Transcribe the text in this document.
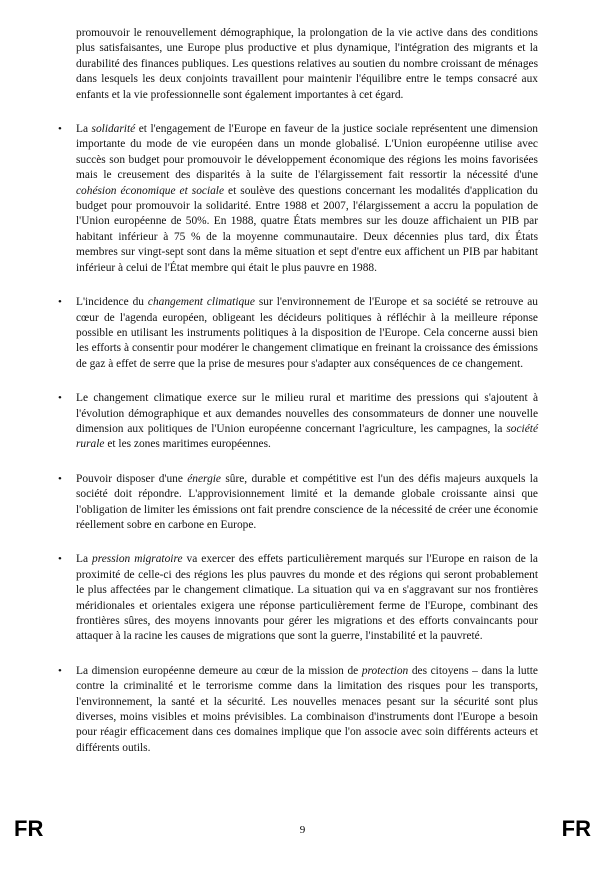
promouvoir le renouvellement démographique, la prolongation de la vie active dans des conditions plus satisfaisantes, une Europe plus productive et plus dynamique, l'intégration des migrants et la durabilité des finances publiques. Les questions relatives au soutien du nombre croissant de ménages dans lesquels les deux conjoints travaillent pour maintenir l'équilibre entre le temps consacré aux enfants et la vie professionnelle sont également importantes à cet égard.

•	La solidarité et l'engagement de l'Europe en faveur de la justice sociale représentent une dimension importante du mode de vie européen dans un monde globalisé. L'Union européenne utilise avec succès son budget pour promouvoir le développement économique des régions les moins favorisées mais le creusement des disparités à la suite de l'élargissement fait ressortir la nécessité d'une cohésion économique et sociale et soulève des questions concernant les modalités d'application du budget pour promouvoir la solidarité. Entre 1988 et 2007, l'élargissement a accru la population de l'Union européenne de 50%. En 1988, quatre États membres sur les douze affichaient un PIB par habitant inférieur à 75 % de la moyenne communautaire. Deux décennies plus tard, dix États membres sur vingt-sept sont dans la même situation et sept d'entre eux affichent un PIB par habitant inférieur à celui de l'État membre qui était le plus pauvre en 1988.

•	L'incidence du changement climatique sur l'environnement de l'Europe et sa société se retrouve au cœur de l'agenda européen, obligeant les décideurs politiques à réfléchir à la meilleure réponse possible en utilisant les instruments politiques à la disposition de l'Europe. Cela concerne aussi bien les efforts à consentir pour modérer le changement climatique en freinant la croissance des émissions de gaz à effet de serre que la prise de mesures pour s'adapter aux conséquences de ce changement.

•	Le changement climatique exerce sur le milieu rural et maritime des pressions qui s'ajoutent à l'évolution démographique et aux demandes nouvelles des consommateurs de donner une nouvelle dimension aux politiques de l'Union européenne concernant l'agriculture, les campagnes, la société rurale et les zones maritimes européennes.

•	Pouvoir disposer d'une énergie sûre, durable et compétitive est l'un des défis majeurs auxquels la société doit répondre. L'approvisionnement limité et la demande globale croissante ainsi que l'obligation de limiter les émissions ont fait prendre conscience de la nécessité de créer une économie réellement sobre en carbone en Europe.

•	La pression migratoire va exercer des effets particulièrement marqués sur l'Europe en raison de la proximité de celle-ci des régions les plus pauvres du monde et des régions qui seront probablement le plus affectées par le changement climatique. La situation qui va en s'aggravant sur nos frontières méridionales et orientales exigera une réponse particulièrement ferme de l'Europe, combinant des frontières sûres, des moyens innovants pour gérer les migrations et des efforts convaincants pour attaquer à la racine les causes de migrations que sont la guerre, l'instabilité et la pauvreté.

•	La dimension européenne demeure au cœur de la mission de protection des citoyens – dans la lutte contre la criminalité et le terrorisme comme dans la limitation des risques pour les transports, l'environnement, la santé et la sécurité. Les nouvelles menaces pesant sur la sécurité sont plus diverses, moins visibles et moins prévisibles. La combinaison d'instruments dont l'Europe a besoin pour réagir efficacement dans ces domaines implique que l'on associe avec soin différents acteurs et différents outils.

FR	9	FR
